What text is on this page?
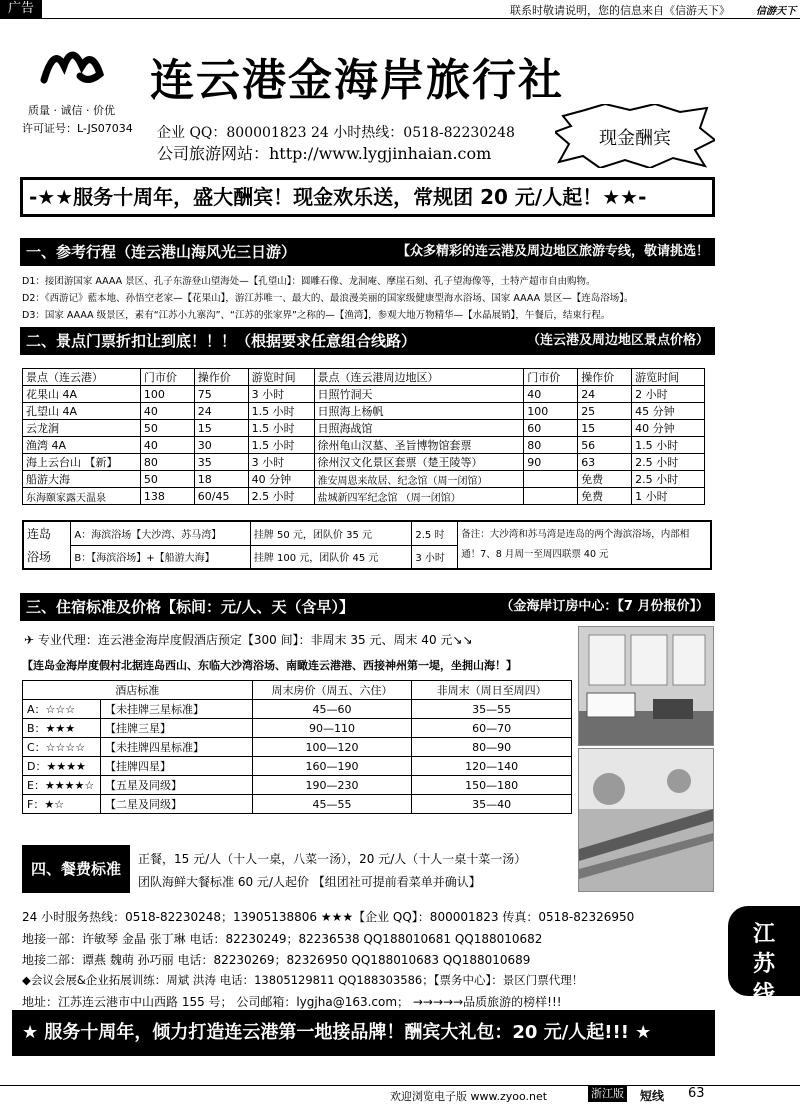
广告	联系时敬请说明，您的信息来自《信游天下》	信游天下
连云港金海岸旅行社
质量 · 诚信 · 价优
许可证号：L-JS07034 企业 QQ：800001823 24 小时热线：0518-82230248
公司旅游网站：http://www.lygjinhaian.com
现金酬宾
-★★服务十周年，盛大酬宾！现金欢乐送，常规团 20 元/人起！★★-
一、参考行程（连云港山海风光三日游）	【众多精彩的连云港及周边地区旅游专线，敬请挑选！
D1：接团游国家 AAAA 景区、孔子东游登山望海处—【孔望山】：圆雕石像、龙洞庵、摩崖石刻、孔子望海像等，土特产超市自由购物。
D2：《西游记》藍本地、孙悟空老家—【花果山】，游江苏唯一、最大的、最浪漫美丽的国家级健康型海水浴场、国家 AAAA 景区—【连岛浴场】。
D3：国家 AAAA 级景区，素有“江苏小九寨沟”、“江苏的张家界”之称的—【渔湾】，参观大地万物精华—【水晶展销】，午餐后，结束行程。
二、景点门票折扣让到底！！！（根据要求任意组合线路）	（连云港及周边地区景点价格）
景点（连云港）	门市价	操作价	游览时间	景点（连云港周边地区）	门市价	操作价	游览时间
花果山 4A	100	75	3 小时	日照竹洞天	40	24	2 小时
孔望山 4A	40	24	1.5 小时	日照海上杨帆	100	25	45 分钟
云龙涧	50	15	1.5 小时	日照海战馆	60	15	40 分钟
渔湾 4A	40	30	1.5 小时	徐州龟山汉墓、圣旨博物馆套票	80	56	1.5 小时
海上云台山 【新】	80	35	3 小时	徐州汉文化景区套票（楚王陵等）	90	63	2.5 小时
船游大海	50	18	40 分钟	淮安周恩来故居、纪念馆（周一闭馆）		免费	2.5 小时
东海颐家露天温泉	138	60/45	2.5 小时	盐城新四军纪念馆 （周一闭馆）		免费	1 小时
连岛	A：海滨浴场【大沙湾、苏马湾】	挂牌 50 元，团队价 35 元	2.5 时	备注：大沙湾和苏马湾是连岛的两个海滨浴场，内部相通！7、8 月周一至周四联票 40 元
浴场	B：【海滨浴场】+【船游大海】	挂牌 100 元，团队价 45 元	3 小时	
三、住宿标准及价格【标间：元/人、天（含早）】	（金海岸订房中心：【7 月份报价】）
✈ 专业代理：连云港金海岸度假酒店预定【300 间】：非周末 35 元、周末 40 元↘↘
【连岛金海岸度假村北据连岛西山、东临大沙湾浴场、南瞰连云港港、西接神州第一堤，坐拥山海！】
酒店标准		周末房价（周五、六住）	非周末（周日至周四）
A：☆☆☆	【未挂牌三星标准】	45—60	35—55
B：★★★	【挂牌三星】	90—110	60—70
C：☆☆☆☆	【未挂牌四星标准】	100—120	80—90
D：★★★★	【挂牌四星】	160—190	120—140
E：★★★★☆	【五星及同级】	190—230	150—180
F：★☆	【二星及同级】	45—55	35—40
四、餐费标准
正餐，15 元/人（十人一桌，八菜一汤），20 元/人（十人一桌十菜一汤）
团队海鲜大餐标准 60 元/人起价 【组团社可提前看菜单并确认】
24 小时服务热线：0518-82230248；13905138806 ★★★【企业 QQ】：800001823 传真：0518-82326950
地接一部：许敏琴 金晶 张丁琳 电话：82230249；82236538 QQ188010681 QQ188010682
地接二部：谭燕 魏萌 孙巧丽 电话：82230269；82326950 QQ188010683 QQ188010689
◆会议会展&企业拓展训练：周斌 洪涛 电话：13805129811 QQ188303586；【票务中心】：景区门票代理！
地址：江苏连云港市中山西路 155 号； 公司邮箱：lygjha@163.com； →→→→→品质旅游的榜样!!!
★ 服务十周年，倾力打造连云港第一地接品牌！酬宾大礼包：20 元/人起!!! ★
江苏线
欢迎浏览电子版 www.zyoo.net	浙江版 短线 63
